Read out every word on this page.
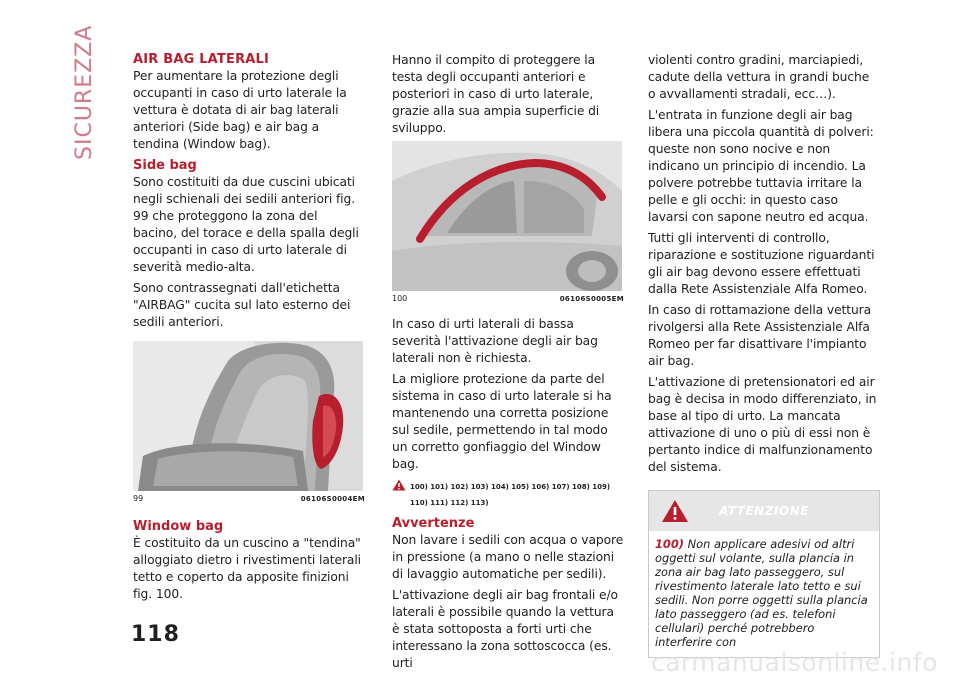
SICUREZZA	AIR BAG LATERALI

Per aumentare la protezione degli occupanti in caso di urto laterale la vettura è dotata di air bag laterali anteriori (Side bag) e air bag a tendina (Window bag).

Side bag

Sono costituiti da due cuscini ubicati negli schienali dei sedili anteriori fig. 99 che proteggono la zona del bacino, del torace e della spalla degli occupanti in caso di urto laterale di severità medio-alta.

Sono contrassegnati dall'etichetta "AIRBAG" cucita sul lato esterno dei sedili anteriori.

99	06106S0004EM
Window bag

È costituito da un cuscino a "tendina" alloggiato dietro i rivestimenti laterali tetto e coperto da apposite finizioni fig. 100.

Hanno il compito di proteggere la testa degli occupanti anteriori e posteriori in caso di urto laterale, grazie alla sua ampia superficie di sviluppo.

100	06106S0005EM

In caso di urti laterali di bassa severità l'attivazione degli air bag laterali non è richiesta.

La migliore protezione da parte del sistema in caso di urto laterale si ha mantenendo una corretta posizione sul sedile, permettendo in tal modo un corretto gonfiaggio del Window bag.

100) 101) 102) 103) 104) 105) 106) 107) 108) 109) 110) 111) 112) 113)
Avvertenze

Non lavare i sedili con acqua o vapore in pressione (a mano o nelle stazioni di lavaggio automatiche per sedili).

L'attivazione degli air bag frontali e/o laterali è possibile quando la vettura è stata sottoposta a forti urti che interessano la zona sottoscocca (es. urti

violenti contro gradini, marciapiedi, cadute della vettura in grandi buche o avvallamenti stradali, ecc…).

L'entrata in funzione degli air bag libera una piccola quantità di polveri: queste non sono nocive e non indicano un principio di incendio. La polvere potrebbe tuttavia irritare la pelle e gli occhi: in questo caso lavarsi con sapone neutro ed acqua.

Tutti gli interventi di controllo, riparazione e sostituzione riguardanti gli air bag devono essere effettuati dalla Rete Assistenziale Alfa Romeo.

In caso di rottamazione della vettura rivolgersi alla Rete Assistenziale Alfa Romeo per far disattivare l'impianto air bag.

L'attivazione di pretensionatori ed air bag è decisa in modo differenziato, in base al tipo di urto. La mancata attivazione di uno o più di essi non è pertanto indice di malfunzionamento del sistema.

ATTENZIONE
100) Non applicare adesivi od altri oggetti sul volante, sulla plancia in zona air bag lato passeggero, sul rivestimento laterale lato tetto e sui sedili. Non porre oggetti sulla plancia lato passeggero (ad es. telefoni cellulari) perché potrebbero interferire con
118
carmanualsonline.info
